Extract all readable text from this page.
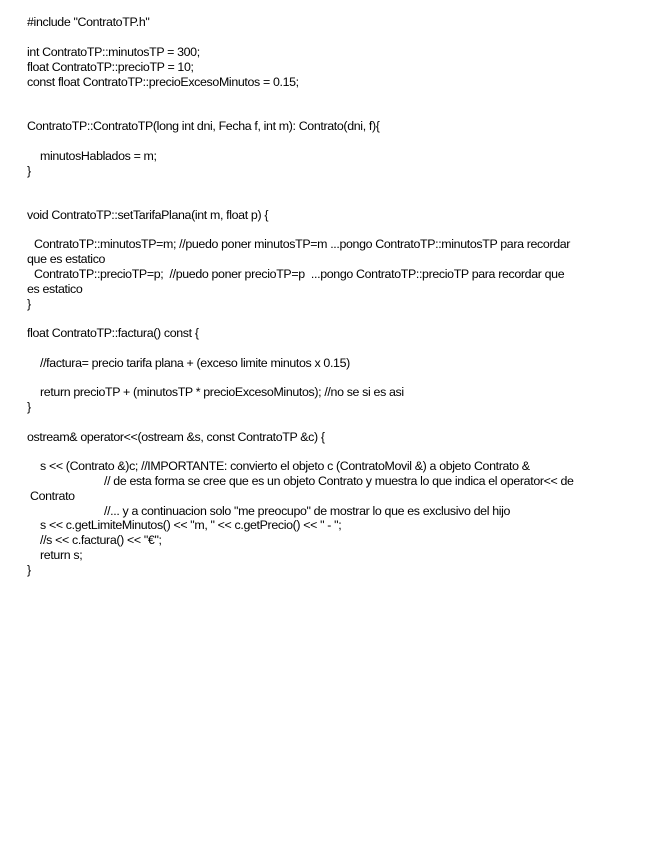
#include "ContratoTP.h"
int ContratoTP::minutosTP = 300;
float ContratoTP::precioTP = 10;
const float ContratoTP::precioExcesoMinutos = 0.15;
ContratoTP::ContratoTP(long int dni, Fecha f, int m): Contrato(dni, f){
minutosHablados = m;
}
void ContratoTP::setTarifaPlana(int m, float p) {
ContratoTP::minutosTP=m; //puedo poner minutosTP=m ...pongo ContratoTP::minutosTP para recordar
que es estatico
ContratoTP::precioTP=p;  //puedo poner precioTP=p  ...pongo ContratoTP::precioTP para recordar que
es estatico
}
float ContratoTP::factura() const {
//factura= precio tarifa plana + (exceso limite minutos x 0.15)
return precioTP + (minutosTP * precioExcesoMinutos); //no se si es asi
}
ostream& operator<<(ostream &s, const ContratoTP &c) {
s << (Contrato &)c; //IMPORTANTE: convierto el objeto c (ContratoMovil &) a objeto Contrato &
// de esta forma se cree que es un objeto Contrato y muestra lo que indica el operator<< de
Contrato
//... y a continuacion solo "me preocupo" de mostrar lo que es exclusivo del hijo
s << c.getLimiteMinutos() << "m, " << c.getPrecio() << " - ";
//s << c.factura() << "€";
return s;
}
